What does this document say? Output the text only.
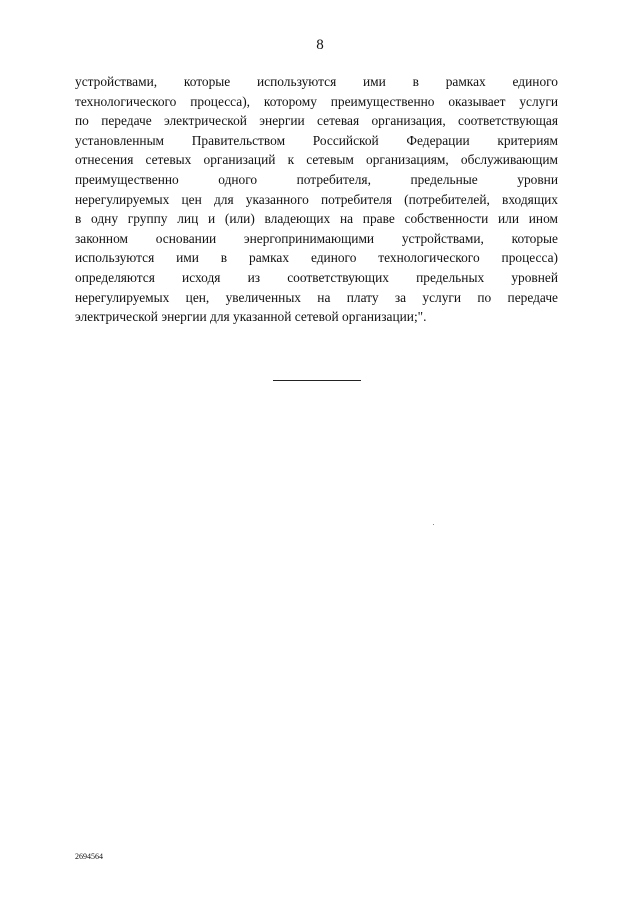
8
устройствами, которые используются ими в рамках единого
технологического процесса), которому преимущественно оказывает услуги
по передаче электрической энергии сетевая организация, соответствующая
установленным Правительством Российской Федерации критериям
отнесения сетевых организаций к сетевым организациям, обслуживающим
преимущественно одного потребителя, предельные уровни
нерегулируемых цен для указанного потребителя (потребителей, входящих
в одну группу лиц и (или) владеющих на праве собственности или ином
законном основании энергопринимающими устройствами, которые
используются ими в рамках единого технологического процесса)
определяются исходя из соответствующих предельных уровней
нерегулируемых цен, увеличенных на плату за услуги по передаче
электрической энергии для указанной сетевой организации;".
2694564
